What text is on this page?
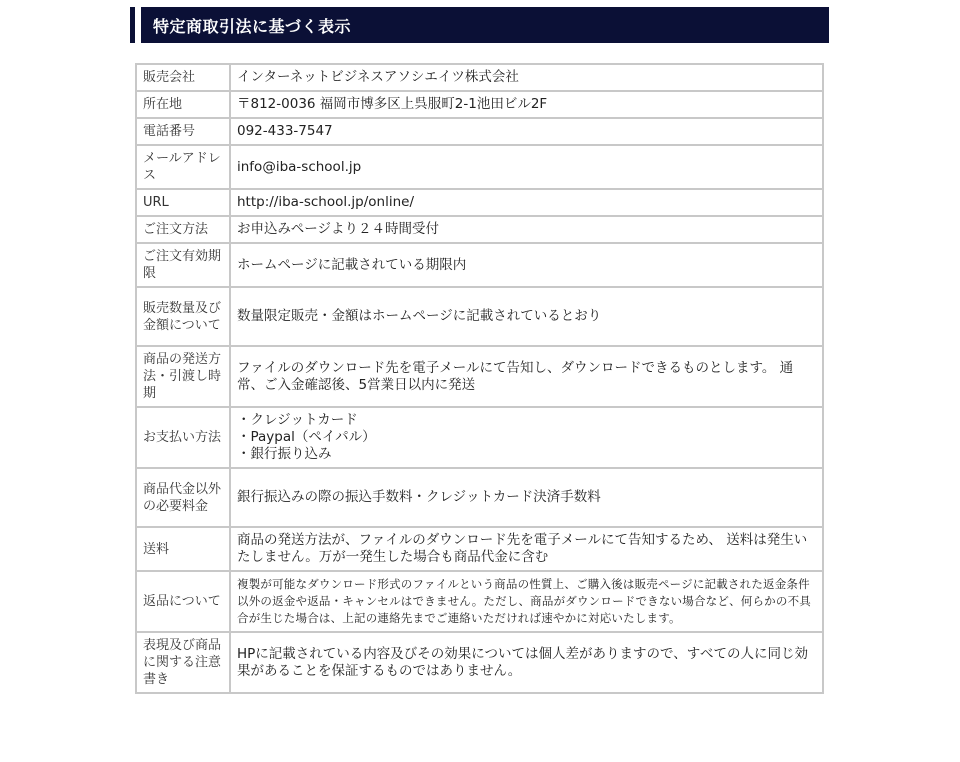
特定商取引法に基づく表示
販売会社	インターネットビジネスアソシエイツ株式会社

所在地	〒812-0036 福岡市博多区上呉服町2-1池田ビル2F

電話番号	092-433-7547

メールアドレス	info@iba-school.jp

URL	http://iba-school.jp/online/

ご注文方法	お申込みページより２４時間受付

ご注文有効期限	ホームページに記載されている期限内

販売数量及び金額について	数量限定販売・金額はホームページに記載されているとおり

商品の発送方法・引渡し時期	ファイルのダウンロード先を電子メールにて告知し、ダウンロードできるものとします。 通常、ご入金確認後、5営業日以内に発送

お支払い方法	・クレジットカード
・Paypal（ペイパル）
・銀行振り込み

商品代金以外の必要料金	銀行振込みの際の振込手数料・クレジットカード決済手数料

送料	商品の発送方法が、ファイルのダウンロード先を電子メールにて告知するため、 送料は発生いたしません。万が一発生した場合も商品代金に含む

返品について	複製が可能なダウンロード形式のファイルという商品の性質上、ご購入後は販売ページに記載された返金条件以外の返金や返品・キャンセルはできません。ただし、商品がダウンロードできない場合など、何らかの不具合が生じた場合は、上記の連絡先までご連絡いただければ速やかに対応いたします。

表現及び商品に関する注意書き	HPに記載されている内容及びその効果については個人差がありますので、すべての人に同じ効果があることを保証するものではありません。
